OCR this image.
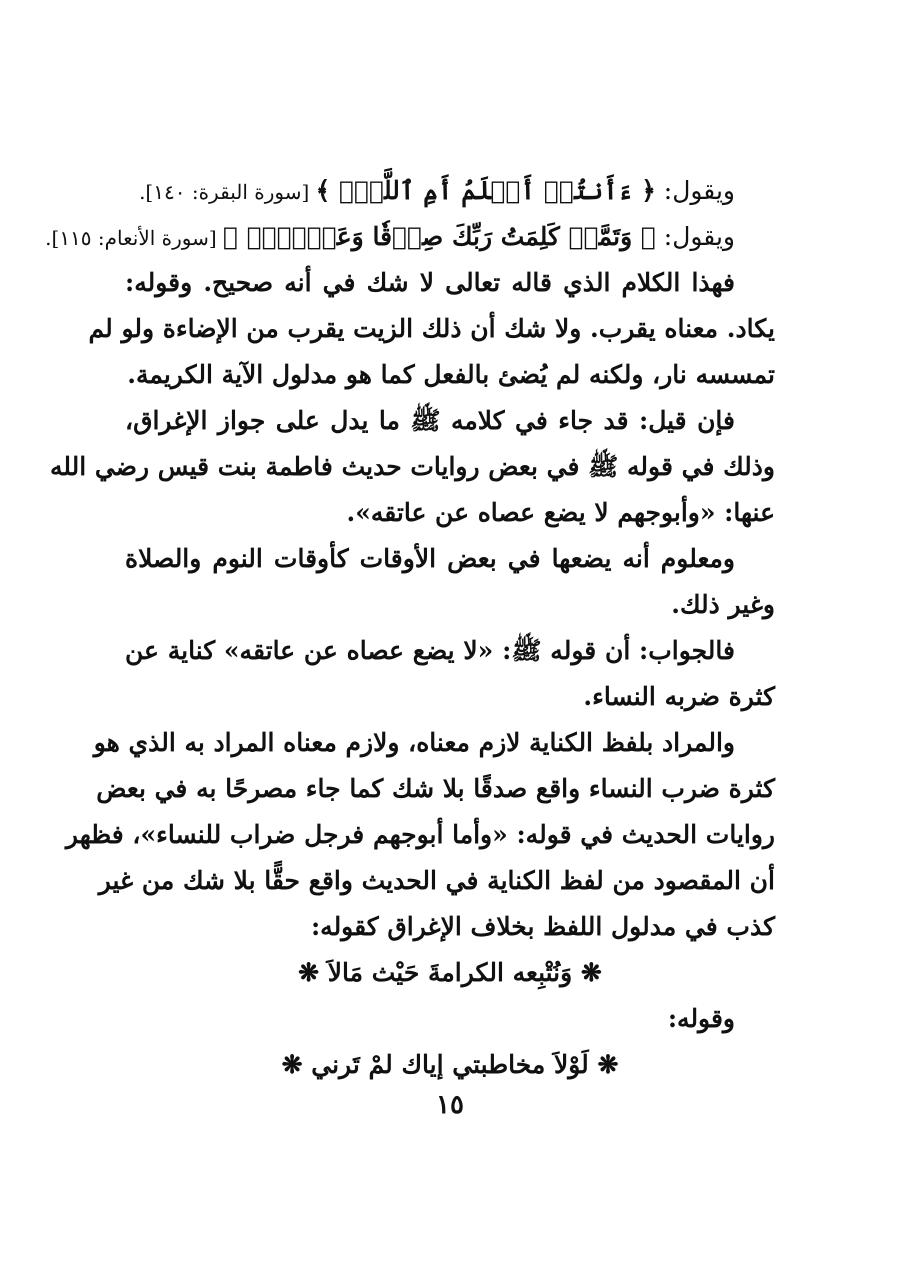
ويقول: ﴿ ءَأَنتُمۡ أَعۡلَمُ أَمِ ٱللَّهُۗ ﴾ [سورة البقرة: ١٤٠].
ويقول: ﴿ وَتَمَّتۡ كَلِمَتُ رَبِّكَ صِدۡقٗا وَعَدۡلٗاۚ ﴾ [سورة الأنعام: ١١٥].
فهذا الكلام الذي قاله تعالى لا شك في أنه صحيح. وقوله:
يكاد. معناه يقرب. ولا شك أن ذلك الزيت يقرب من الإضاءة ولو لم
تمسسه نار، ولكنه لم يُضئ بالفعل كما هو مدلول الآية الكريمة.
فإن قيل: قد جاء في كلامه ﷺ ما يدل على جواز الإغراق،
وذلك في قوله ﷺ في بعض روايات حديث فاطمة بنت قيس رضي الله
عنها: «وأبوجهم لا يضع عصاه عن عاتقه».
ومعلوم أنه يضعها في بعض الأوقات كأوقات النوم والصلاة
وغير ذلك.
فالجواب: أن قوله ﷺ: «لا يضع عصاه عن عاتقه» كناية عن
كثرة ضربه النساء.
والمراد بلفظ الكناية لازم معناه، ولازم معناه المراد به الذي هو
كثرة ضرب النساء واقع صدقًا بلا شك كما جاء مصرحًا به في بعض
روايات الحديث في قوله: «وأما أبوجهم فرجل ضراب للنساء»، فظهر
أن المقصود من لفظ الكناية في الحديث واقع حقًّا بلا شك من غير
كذب في مدلول اللفظ بخلاف الإغراق كقوله:
❋ وَنُتْبِعه الكرامةَ حَيْث مَالاَ ❋
وقوله:
❋ لَوْلاَ مخاطبتي إياك لمْ تَرني ❋
١٥
